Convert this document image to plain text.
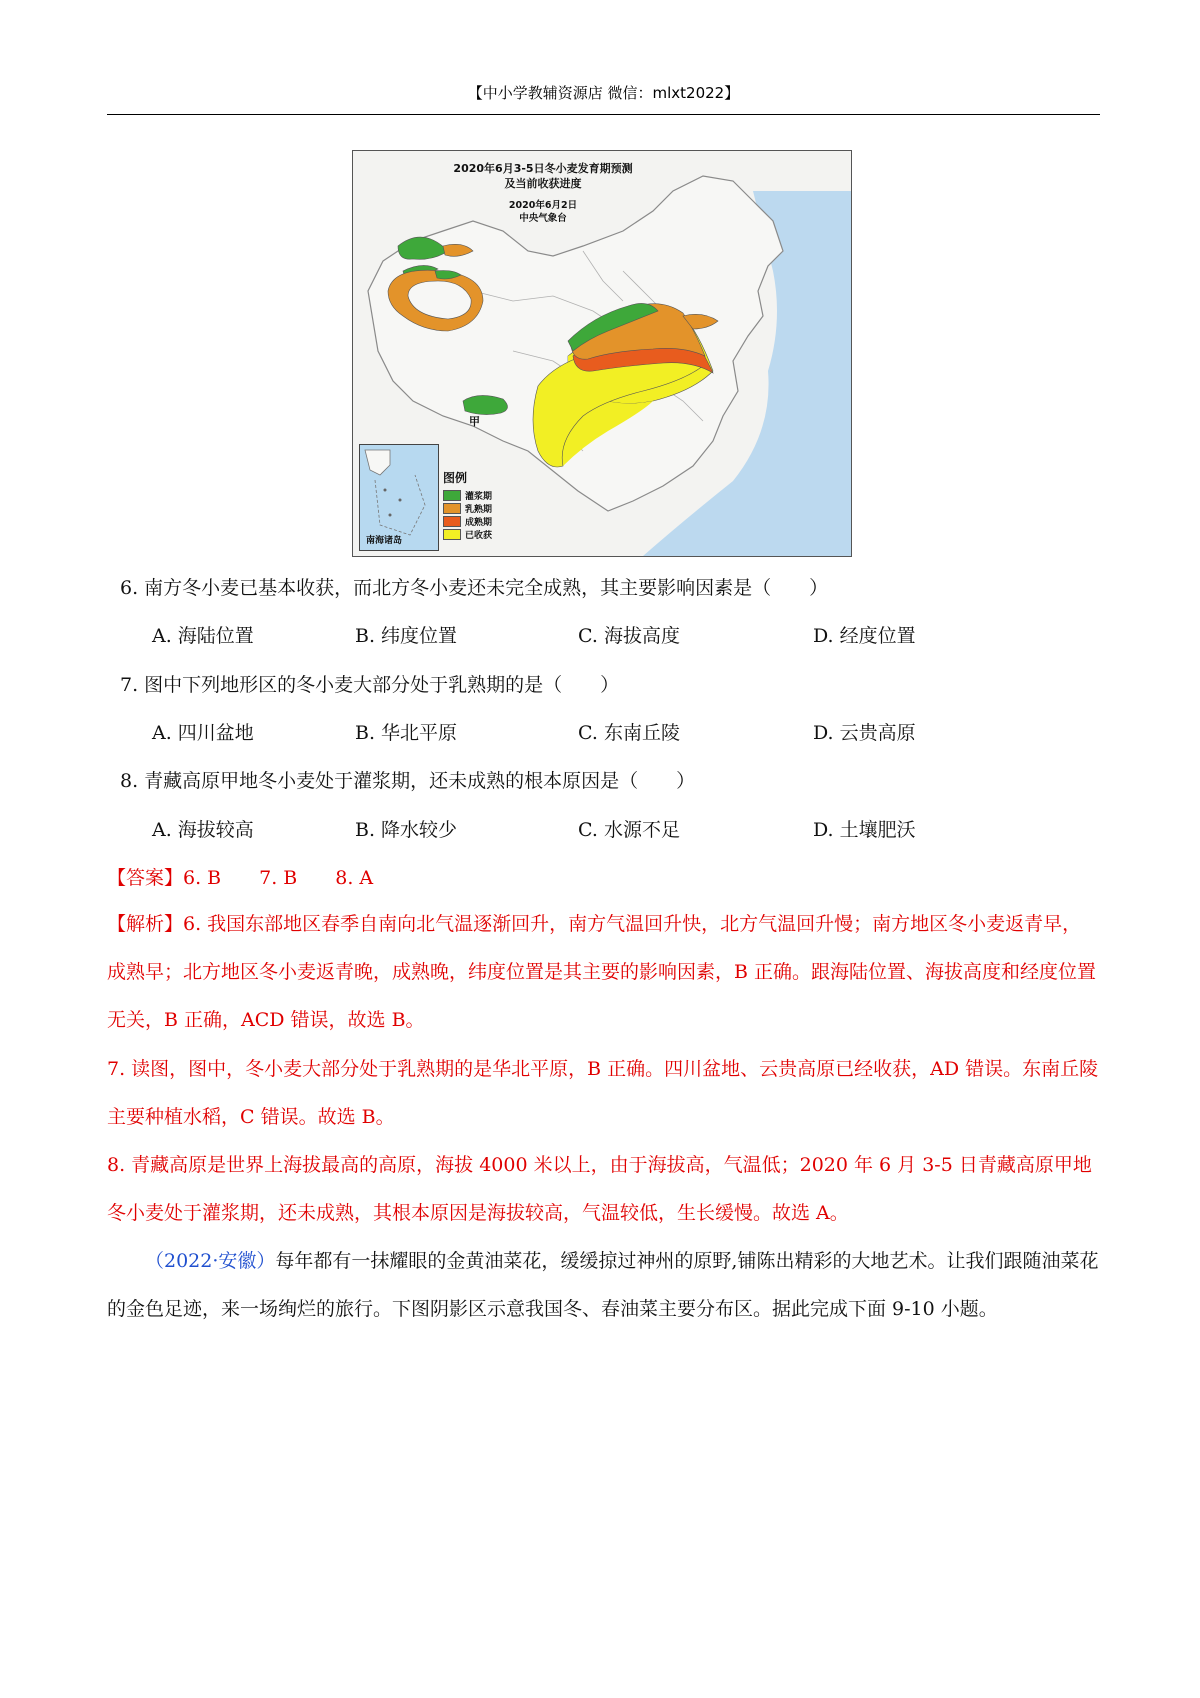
【中小学教辅资源店 微信：mlxt2022】
2020年6月3-5日冬小麦发育期预测
及当前收获进度
2020年6月2日
中央气象台
甲
南海诸岛
图例
灌浆期
乳熟期
成熟期
已收获
6. 南方冬小麦已基本收获，而北方冬小麦还未完全成熟，其主要影响因素是（　　）
A. 海陆位置	B. 纬度位置	C. 海拔高度	D. 经度位置
7. 图中下列地形区的冬小麦大部分处于乳熟期的是（　　）
A. 四川盆地	B. 华北平原	C. 东南丘陵	D. 云贵高原
8. 青藏高原甲地冬小麦处于灌浆期，还未成熟的根本原因是（　　）
A. 海拔较高	B. 降水较少	C. 水源不足	D. 土壤肥沃
【答案】6. B　　7. B　　8. A
【解析】6. 我国东部地区春季自南向北气温逐渐回升，南方气温回升快，北方气温回升慢；南方地区冬小麦返青早，成熟早；北方地区冬小麦返青晚，成熟晚，纬度位置是其主要的影响因素，B 正确。跟海陆位置、海拔高度和经度位置无关，B 正确，ACD 错误，故选 B。
7. 读图，图中，冬小麦大部分处于乳熟期的是华北平原，B 正确。四川盆地、云贵高原已经收获，AD 错误。东南丘陵主要种植水稻，C 错误。故选 B。
8. 青藏高原是世界上海拔最高的高原，海拔 4000 米以上，由于海拔高，气温低；2020 年 6 月 3-5 日青藏高原甲地冬小麦处于灌浆期，还未成熟，其根本原因是海拔较高，气温较低，生长缓慢。故选 A。
（2022·安徽）每年都有一抹耀眼的金黄油菜花，缓缓掠过神州的原野,铺陈出精彩的大地艺术。让我们跟随油菜花的金色足迹，来一场绚烂的旅行。下图阴影区示意我国冬、春油菜主要分布区。据此完成下面 9-10 小题。
